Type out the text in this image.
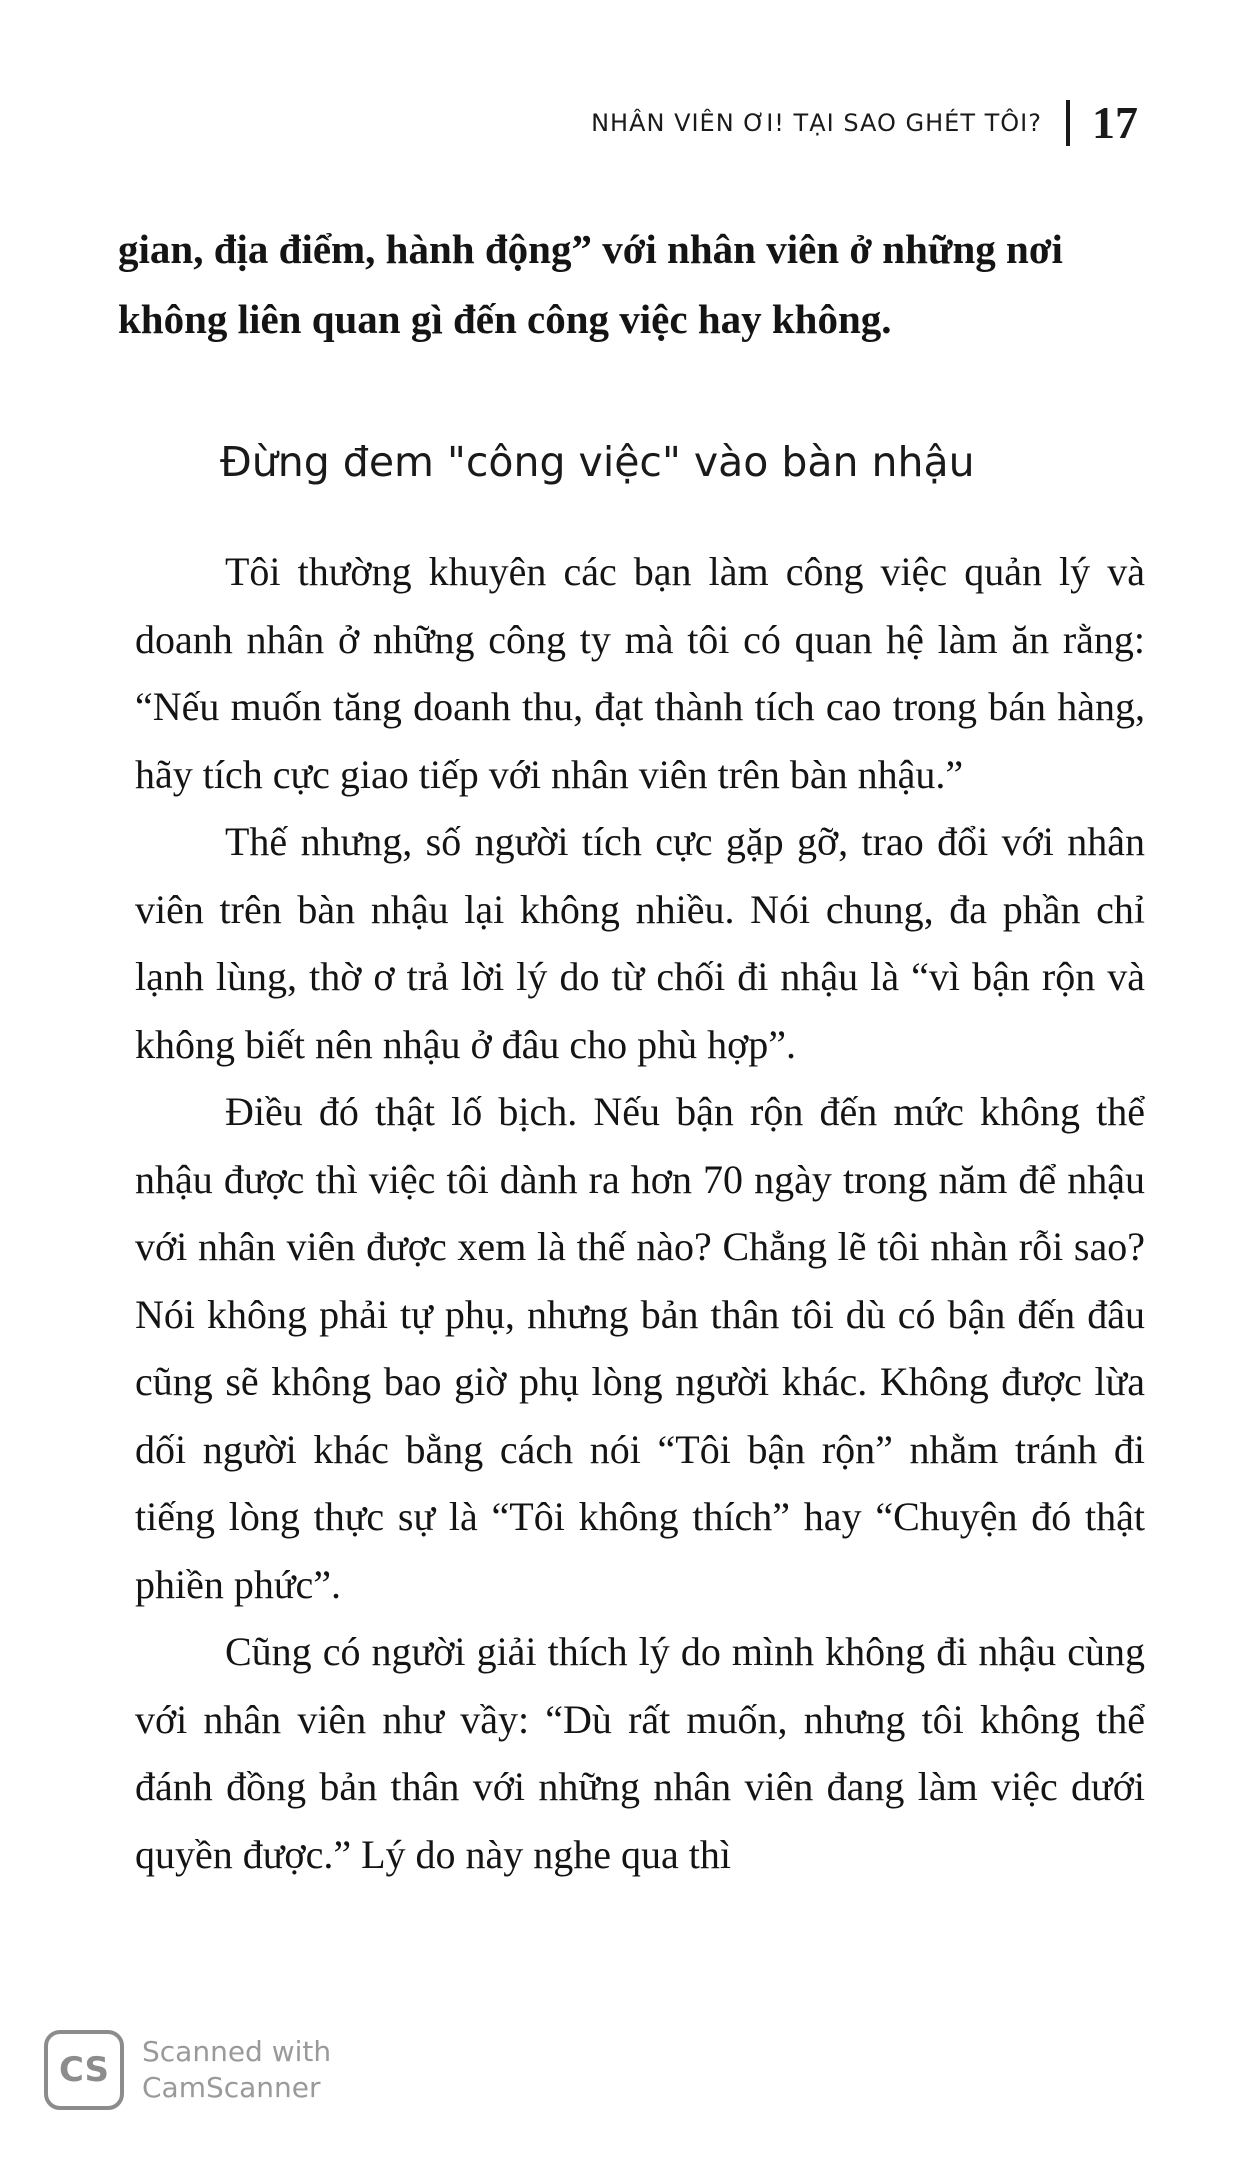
NHÂN VIÊN ƠI! TẠI SAO GHÉT TÔI? 17

gian, địa điểm, hành động” với nhân viên ở những nơi không liên quan gì đến công việc hay không.

Đừng đem "công việc" vào bàn nhậu

Tôi thường khuyên các bạn làm công việc quản lý và doanh nhân ở những công ty mà tôi có quan hệ làm ăn rằng: “Nếu muốn tăng doanh thu, đạt thành tích cao trong bán hàng, hãy tích cực giao tiếp với nhân viên trên bàn nhậu.”

Thế nhưng, số người tích cực gặp gỡ, trao đổi với nhân viên trên bàn nhậu lại không nhiều. Nói chung, đa phần chỉ lạnh lùng, thờ ơ trả lời lý do từ chối đi nhậu là “vì bận rộn và không biết nên nhậu ở đâu cho phù hợp”.

Điều đó thật lố bịch. Nếu bận rộn đến mức không thể nhậu được thì việc tôi dành ra hơn 70 ngày trong năm để nhậu với nhân viên được xem là thế nào? Chẳng lẽ tôi nhàn rỗi sao? Nói không phải tự phụ, nhưng bản thân tôi dù có bận đến đâu cũng sẽ không bao giờ phụ lòng người khác. Không được lừa dối người khác bằng cách nói “Tôi bận rộn” nhằm tránh đi tiếng lòng thực sự là “Tôi không thích” hay “Chuyện đó thật phiền phức”.

Cũng có người giải thích lý do mình không đi nhậu cùng với nhân viên như vầy: “Dù rất muốn, nhưng tôi không thể đánh đồng bản thân với những nhân viên đang làm việc dưới quyền được.” Lý do này nghe qua thì

CS	Scanned with
CamScanner
